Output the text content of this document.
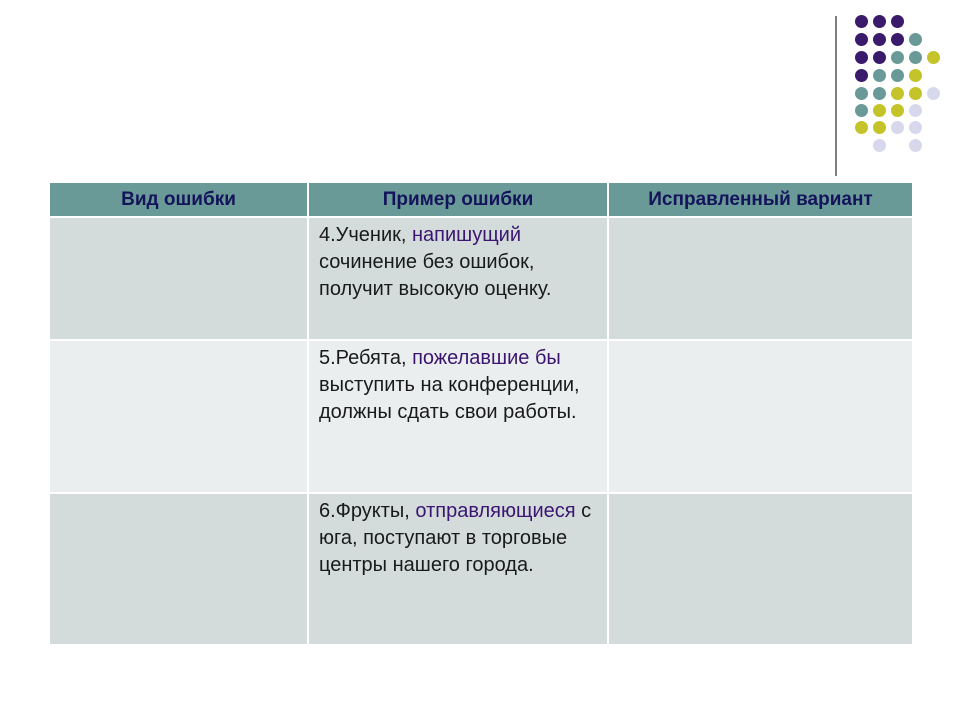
Вид ошибки	Пример ошибки	Исправленный вариант

	4.Ученик, напишущий сочинение без ошибок, получит высокую оценку.	

	5.Ребята, пожелавшие бы выступить на конференции, должны сдать свои работы.	

	6.Фрукты, отправляющиеся с юга, поступают в торговые центры нашего города.	
